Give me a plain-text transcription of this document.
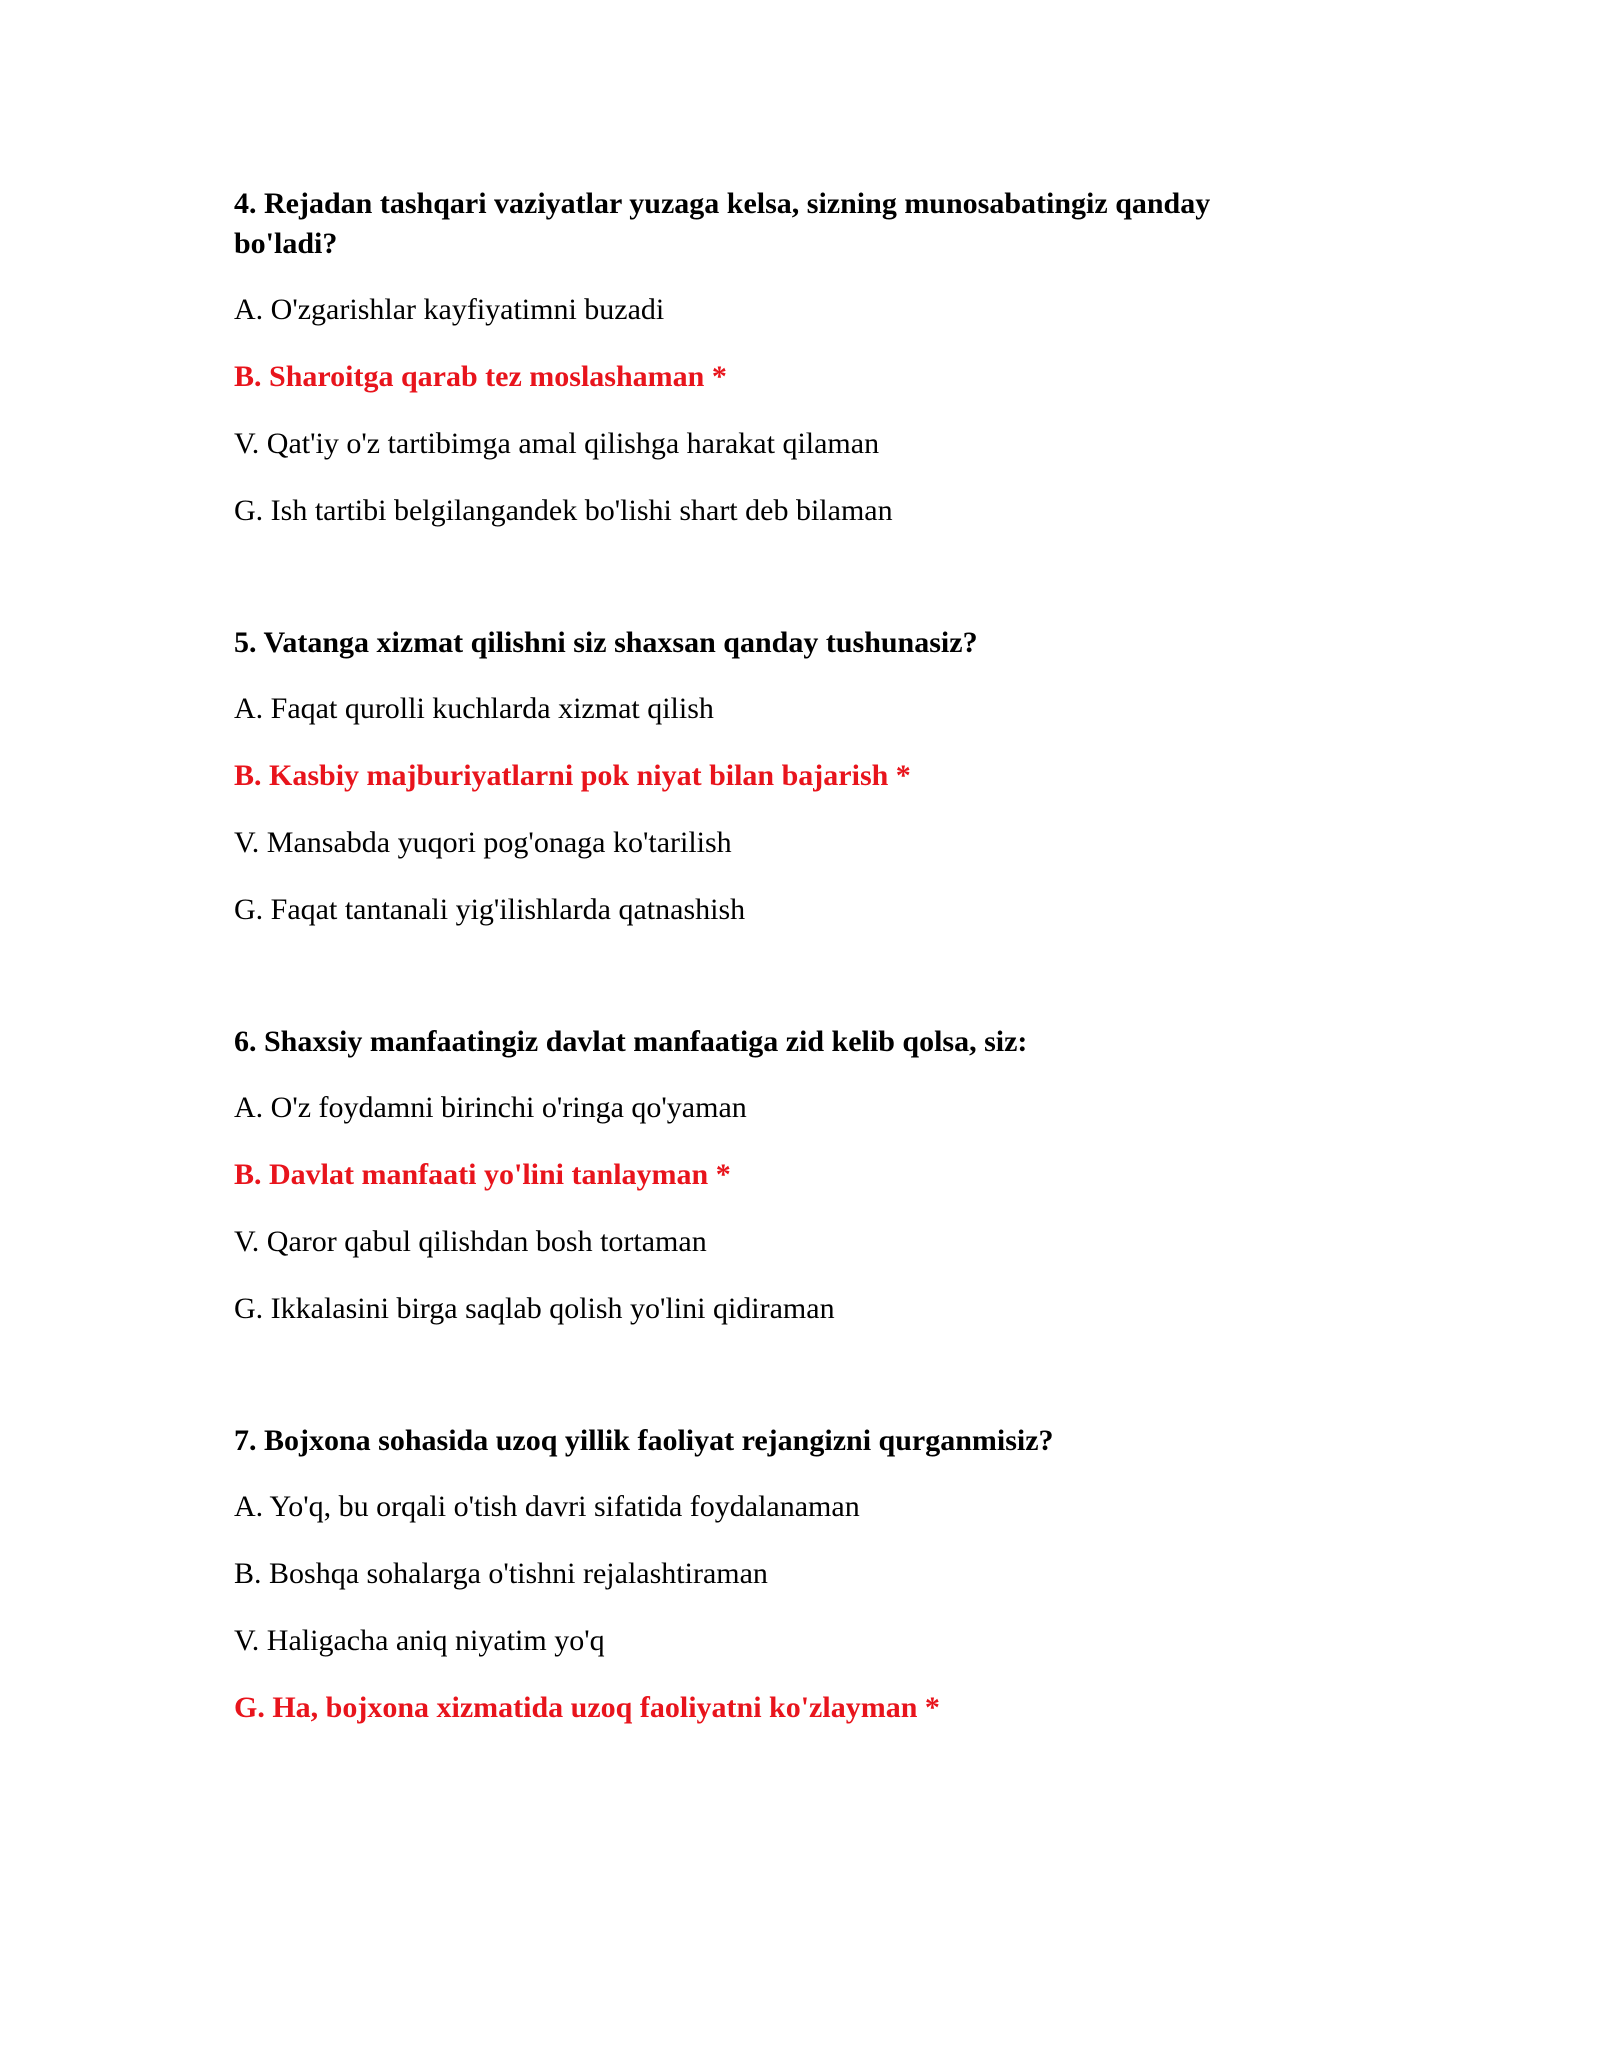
4. Rejadan tashqari vaziyatlar yuzaga kelsa, sizning munosabatingiz qanday bo'ladi?
A. O'zgarishlar kayfiyatimni buzadi
B. Sharoitga qarab tez moslashaman *
V. Qat'iy o'z tartibimga amal qilishga harakat qilaman
G. Ish tartibi belgilangandek bo'lishi shart deb bilaman
5. Vatanga xizmat qilishni siz shaxsan qanday tushunasiz?
A. Faqat qurolli kuchlarda xizmat qilish
B. Kasbiy majburiyatlarni pok niyat bilan bajarish *
V. Mansabda yuqori pog'onaga ko'tarilish
G. Faqat tantanali yig'ilishlarda qatnashish
6. Shaxsiy manfaatingiz davlat manfaatiga zid kelib qolsa, siz:
A. O'z foydamni birinchi o'ringa qo'yaman
B. Davlat manfaati yo'lini tanlayman *
V. Qaror qabul qilishdan bosh tortaman
G. Ikkalasini birga saqlab qolish yo'lini qidiraman
7. Bojxona sohasida uzoq yillik faoliyat rejangizni qurganmisiz?
A. Yo'q, bu orqali o'tish davri sifatida foydalanaman
B. Boshqa sohalarga o'tishni rejalashtiraman
V. Haligacha aniq niyatim yo'q
G. Ha, bojxona xizmatida uzoq faoliyatni ko'zlayman *
